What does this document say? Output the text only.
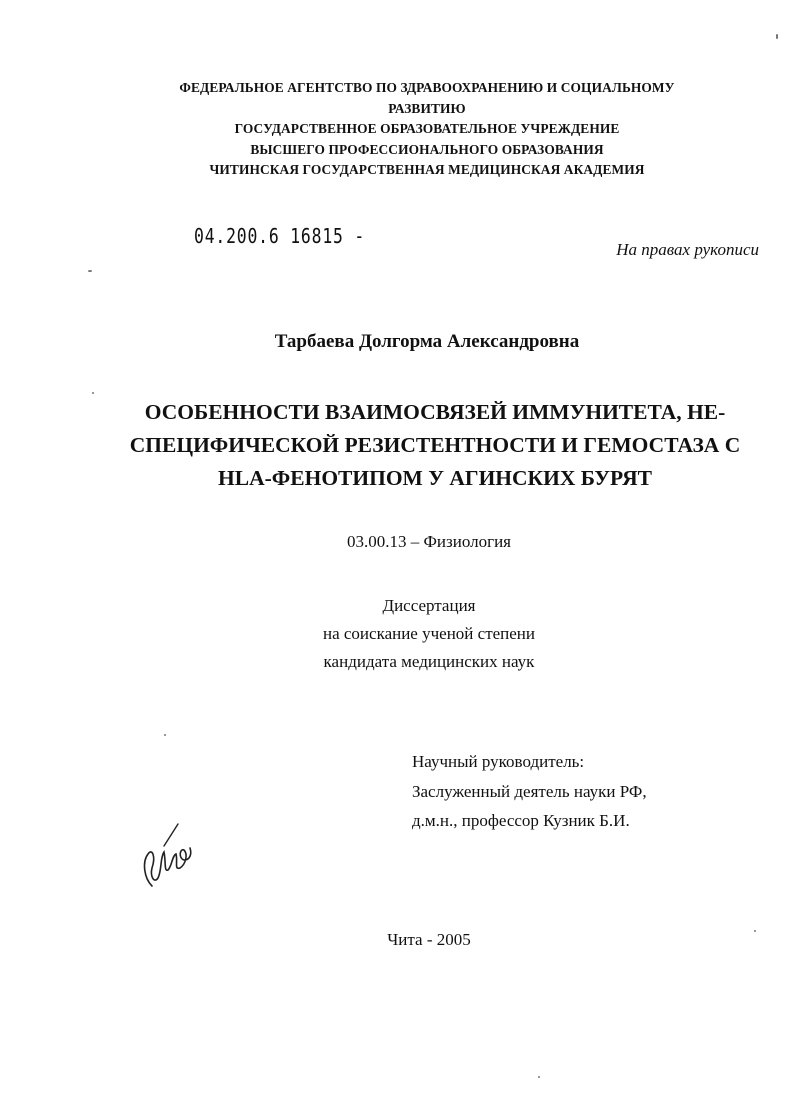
ФЕДЕРАЛЬНОЕ АГЕНТСТВО ПО ЗДРАВООХРАНЕНИЮ И СОЦИАЛЬНОМУ
РАЗВИТИЮ
ГОСУДАРСТВЕННОЕ ОБРАЗОВАТЕЛЬНОЕ УЧРЕЖДЕНИЕ
ВЫСШЕГО ПРОФЕССИОНАЛЬНОГО ОБРАЗОВАНИЯ
ЧИТИНСКАЯ ГОСУДАРСТВЕННАЯ МЕДИЦИНСКАЯ АКАДЕМИЯ
04.200.6 16815 -
На правах рукописи
Тарбаева Долгорма Александровна
ОСОБЕННОСТИ ВЗАИМОСВЯЗЕЙ ИММУНИТЕТА, НЕ-
СПЕЦИФИЧЕСКОЙ РЕЗИСТЕНТНОСТИ И ГЕМОСТАЗА С
HLA-ФЕНОТИПОМ У АГИНСКИХ БУРЯТ
03.00.13 – Физиология
Диссертация
на соискание ученой степени
кандидата медицинских наук
Научный руководитель:
Заслуженный деятель науки РФ,
д.м.н., профессор Кузник Б.И.
Чита - 2005
